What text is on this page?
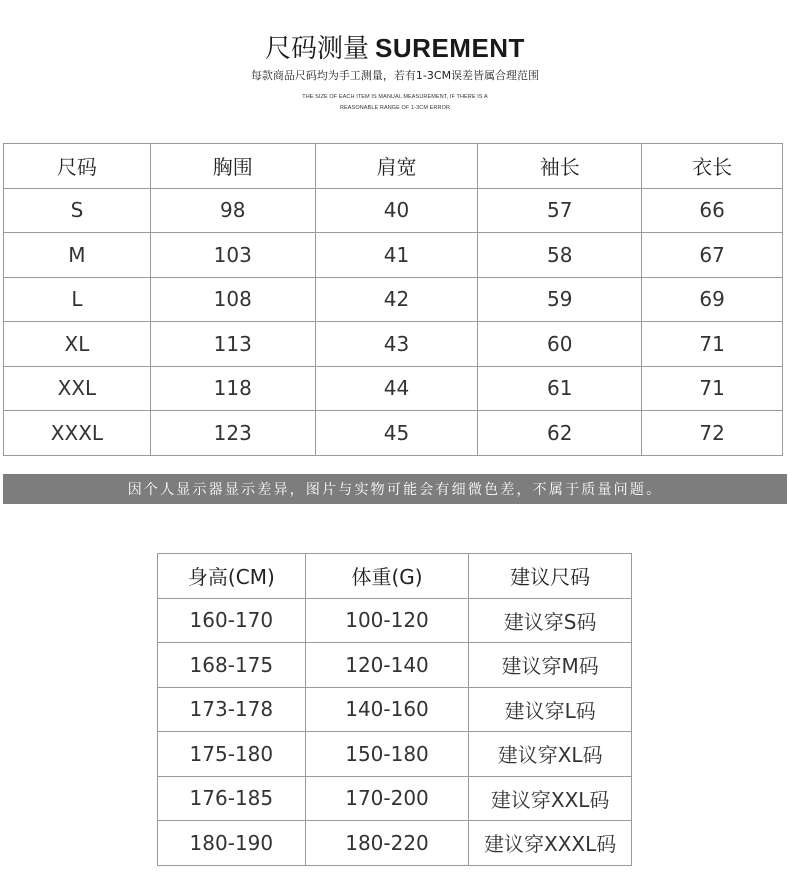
尺码测量 SUREMENT
每款商品尺码均为手工测量，若有1-3CM误差皆属合理范围
THE SIZE OF EACH ITEM IS MANUAL MEASUREMENT, IF THERE IS A
REASONABLE RANGE OF 1-3CM ERROR
尺码	胸围	肩宽	袖长	衣长
S	98	40	57	66
M	103	41	58	67
L	108	42	59	69
XL	113	43	60	71
XXL	118	44	61	71
XXXL	123	45	62	72
因个人显示器显示差异，图片与实物可能会有细微色差，不属于质量问题。
身高(CM)	体重(G)	建议尺码
160-170	100-120	建议穿S码
168-175	120-140	建议穿M码
173-178	140-160	建议穿L码
175-180	150-180	建议穿XL码
176-185	170-200	建议穿XXL码
180-190	180-220	建议穿XXXL码
